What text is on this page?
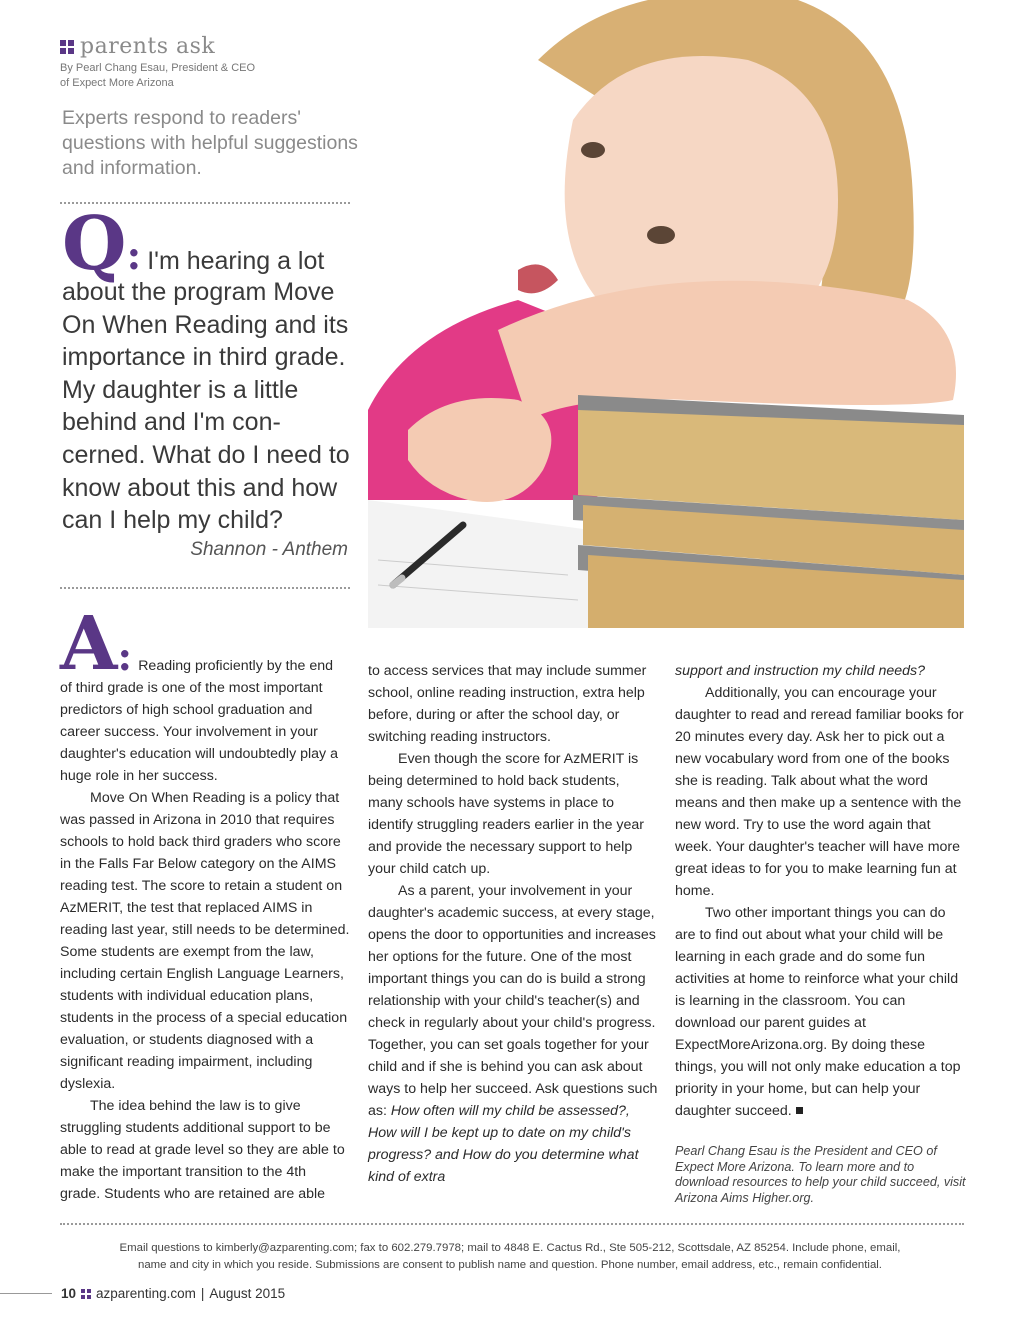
parents ask
By Pearl Chang Esau, President & CEO
of Expect More Arizona
Experts respond to readers' questions with helpful suggestions and information.
Q : I'm hearing a lot
about the program Move On When Reading and its importance in third grade. My daughter is a little behind and I'm con-cerned. What do I need to know about this and how can I help my child?
Shannon - Anthem
A : Reading proficiently by the end

of third grade is one of the most important predictors of high school graduation and career success. Your involvement in your daughter's education will undoubtedly play a huge role in her success.

Move On When Reading is a policy that was passed in Arizona in 2010 that requires schools to hold back third graders who score in the Falls Far Below category on the AIMS reading test. The score to retain a student on AzMERIT, the test that replaced AIMS in reading last year, still needs to be determined. Some students are exempt from the law, including certain English Language Learners, students with individual education plans, students in the process of a special education evaluation, or students diagnosed with a significant reading impairment, including dyslexia.

The idea behind the law is to give struggling students additional support to be able to read at grade level so they are able to make the important transition to the 4th grade. Students who are retained are able

to access services that may include summer school, online reading instruction, extra help before, during or after the school day, or switching reading instructors.

Even though the score for AzMERIT is being determined to hold back students, many schools have systems in place to identify struggling readers earlier in the year and provide the necessary support to help your child catch up.

As a parent, your involvement in your daughter's academic success, at every stage, opens the door to opportunities and increases her options for the future. One of the most important things you can do is build a strong relationship with your child's teacher(s) and check in regularly about your child's progress. Together, you can set goals together for your child and if she is behind you can ask about ways to help her succeed. Ask questions such as: How often will my child be assessed?, How will I be kept up to date on my child's progress? and How do you determine what kind of extra

support and instruction my child needs?

Additionally, you can encourage your daughter to read and reread familiar books for 20 minutes every day. Ask her to pick out a new vocabulary word from one of the books she is reading. Talk about what the word means and then make up a sentence with the new word. Try to use the word again that week. Your daughter's teacher will have more great ideas to for you to make learning fun at home.

Two other important things you can do are to find out about what your child will be learning in each grade and do some fun activities at home to reinforce what your child is learning in the classroom. You can download our parent guides at ExpectMoreArizona.org. By doing these things, you will not only make education a top priority in your home, but can help your daughter succeed.

Pearl Chang Esau is the President and CEO of Expect More Arizona. To learn more and to download resources to help your child succeed, visit Arizona Aims Higher.org.

Email questions to kimberly@azparenting.com; fax to 602.279.7978; mail to 4848 E. Cactus Rd., Ste 505-212, Scottsdale, AZ 85254. Include phone, email,
name and city in which you reside. Submissions are consent to publish name and question. Phone number, email address, etc., remain confidential.
10 azparenting.com | August 2015
